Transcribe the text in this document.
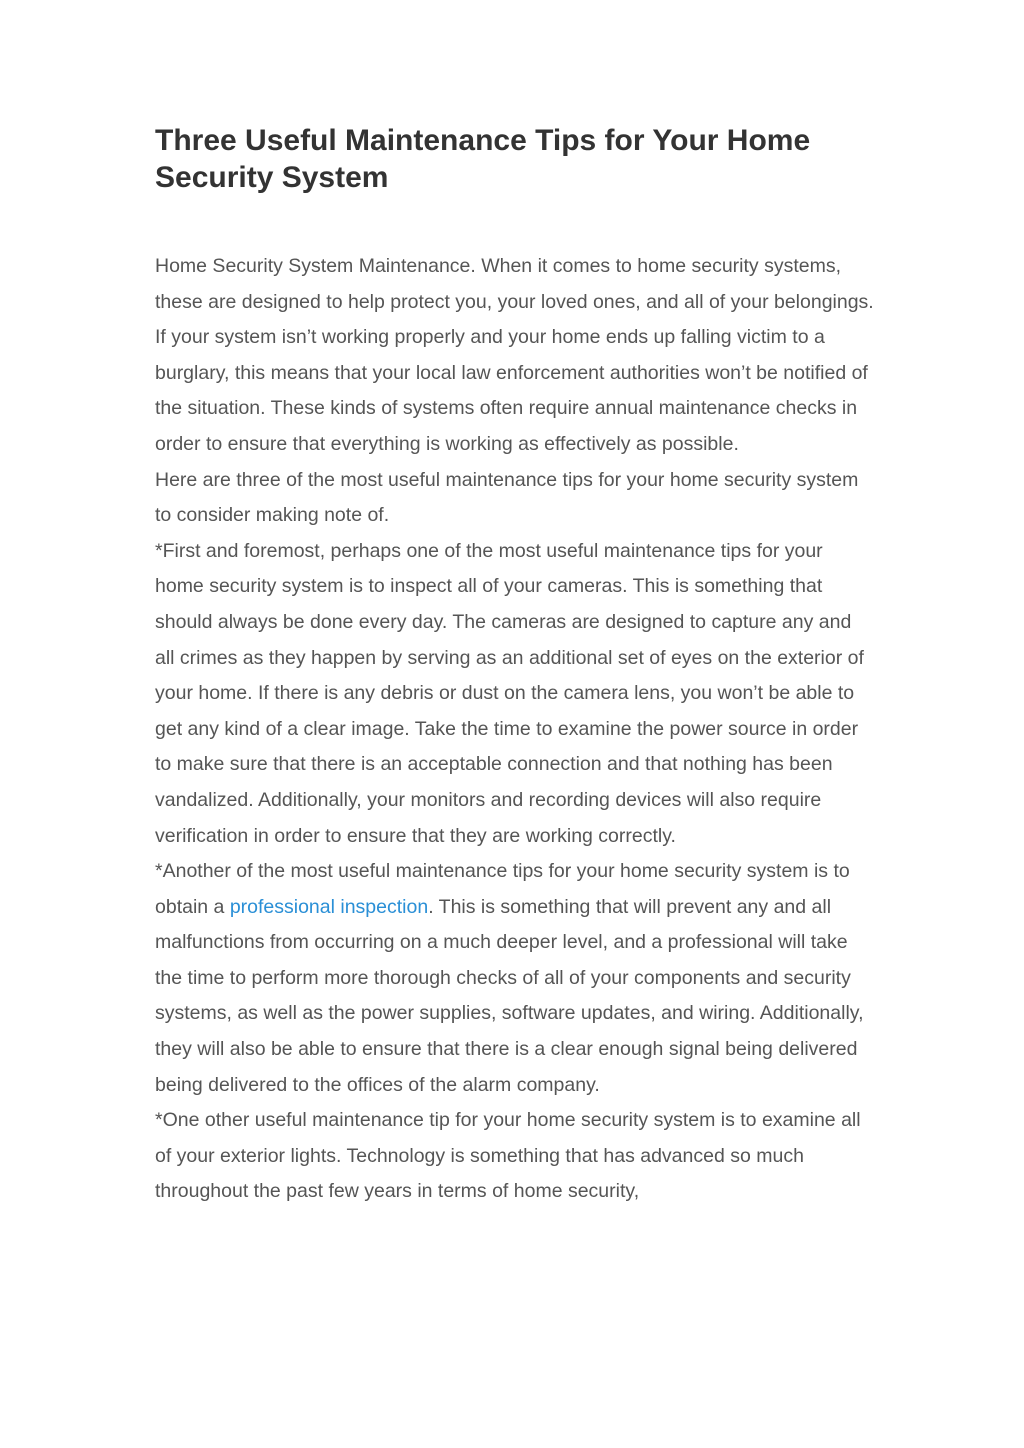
Three Useful Maintenance Tips for Your Home Security System

Home Security System Maintenance. When it comes to home security systems, these are designed to help protect you, your loved ones, and all of your belongings. If your system isn’t working properly and your home ends up falling victim to a burglary, this means that your local law enforcement authorities won’t be notified of the situation. These kinds of systems often require annual maintenance checks in order to ensure that everything is working as effectively as possible.

Here are three of the most useful maintenance tips for your home security system to consider making note of.

*First and foremost, perhaps one of the most useful maintenance tips for your home security system is to inspect all of your cameras. This is something that should always be done every day. The cameras are designed to capture any and all crimes as they happen by serving as an additional set of eyes on the exterior of your home. If there is any debris or dust on the camera lens, you won’t be able to get any kind of a clear image. Take the time to examine the power source in order to make sure that there is an acceptable connection and that nothing has been vandalized. Additionally, your monitors and recording devices will also require verification in order to ensure that they are working correctly.

*Another of the most useful maintenance tips for your home security system is to obtain a professional inspection. This is something that will prevent any and all malfunctions from occurring on a much deeper level, and a professional will take the time to perform more thorough checks of all of your components and security systems, as well as the power supplies, software updates, and wiring. Additionally, they will also be able to ensure that there is a clear enough signal being delivered being delivered to the offices of the alarm company.

*One other useful maintenance tip for your home security system is to examine all of your exterior lights. Technology is something that has advanced so much throughout the past few years in terms of home security,
